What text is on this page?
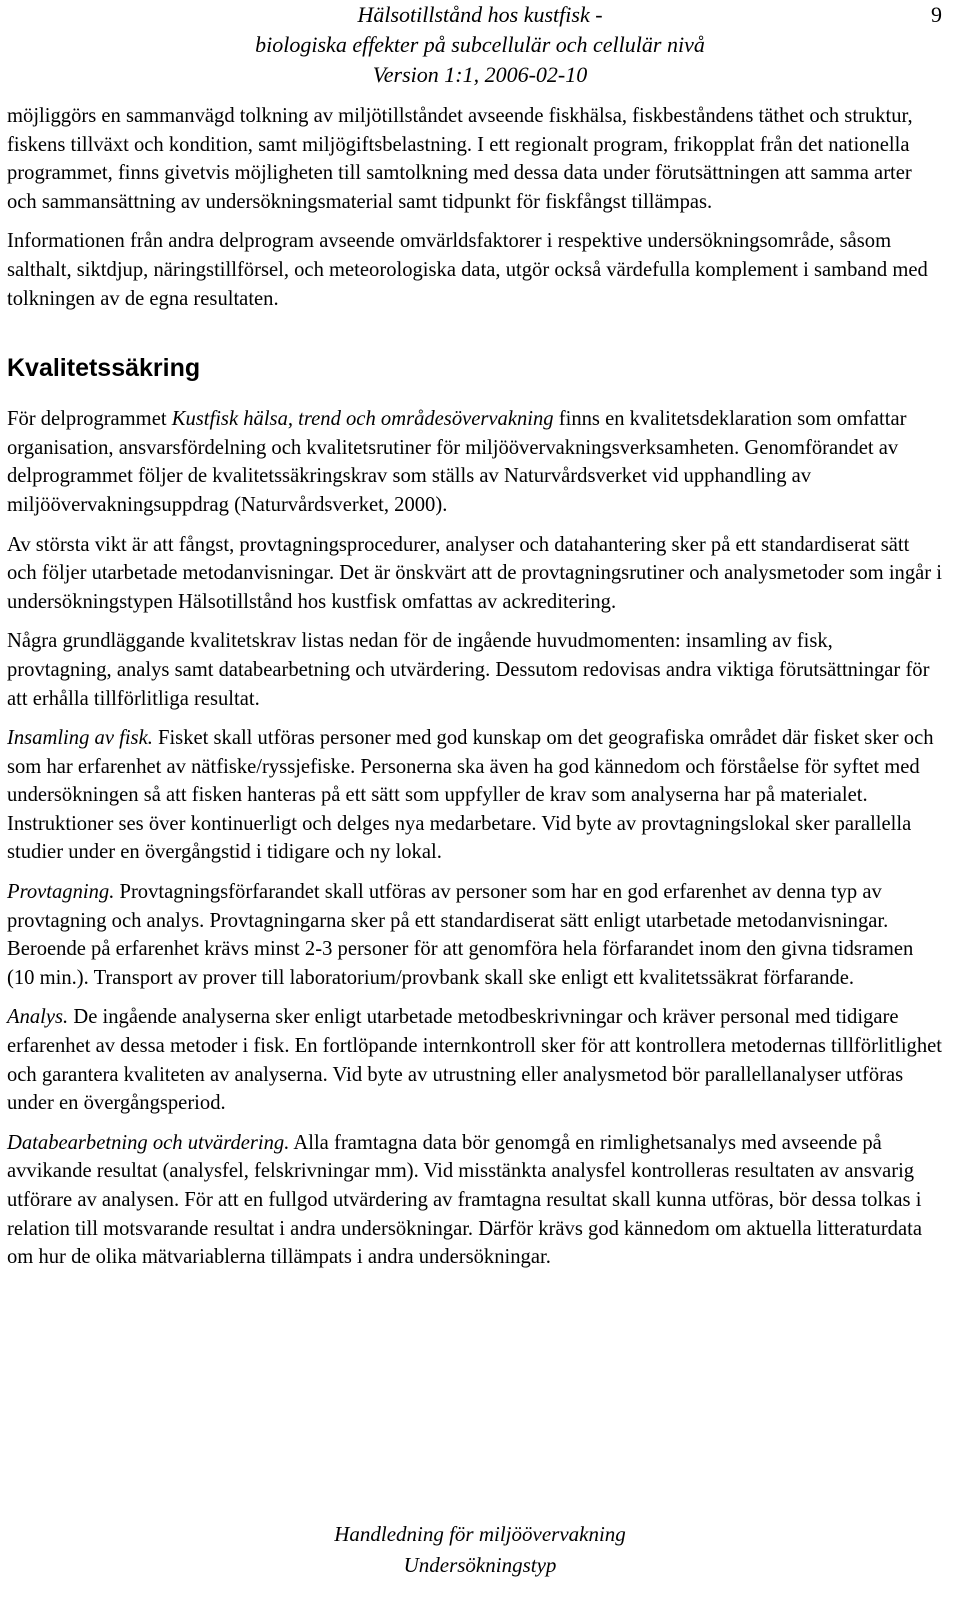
Hälsotillstånd hos kustfisk -
biologiska effekter på subcellulär och cellulär nivå
Version 1:1, 2006-02-10
9

möjliggörs en sammanvägd tolkning av miljötillståndet avseende fiskhälsa, fiskbeståndens täthet och struktur, fiskens tillväxt och kondition, samt miljögiftsbelastning. I ett regionalt program, frikopplat från det nationella programmet, finns givetvis möjligheten till samtolkning med dessa data under förutsättningen att samma arter och sammansättning av undersökningsmaterial samt tidpunkt för fiskfångst tillämpas.

Informationen från andra delprogram avseende omvärldsfaktorer i respektive undersökningsområde, såsom salthalt, siktdjup, näringstillförsel, och meteorologiska data, utgör också värdefulla komplement i samband med tolkningen av de egna resultaten.

Kvalitetssäkring

För delprogrammet Kustfisk hälsa, trend och områdesövervakning finns en kvalitetsdeklaration som omfattar organisation, ansvarsfördelning och kvalitetsrutiner för miljöövervakningsverksamheten. Genomförandet av delprogrammet följer de kvalitetssäkringskrav som ställs av Naturvårdsverket vid upphandling av miljöövervakningsuppdrag (Naturvårdsverket, 2000).

Av största vikt är att fångst, provtagningsprocedurer, analyser och datahantering sker på ett standardiserat sätt och följer utarbetade metodanvisningar. Det är önskvärt att de provtagningsrutiner och analysmetoder som ingår i undersökningstypen Hälsotillstånd hos kustfisk omfattas av ackreditering.

Några grundläggande kvalitetskrav listas nedan för de ingående huvudmomenten: insamling av fisk, provtagning, analys samt databearbetning och utvärdering. Dessutom redovisas andra viktiga förutsättningar för att erhålla tillförlitliga resultat.

Insamling av fisk. Fisket skall utföras personer med god kunskap om det geografiska området där fisket sker och som har erfarenhet av nätfiske/ryssjefiske. Personerna ska även ha god kännedom och förståelse för syftet med undersökningen så att fisken hanteras på ett sätt som uppfyller de krav som analyserna har på materialet. Instruktioner ses över kontinuerligt och delges nya medarbetare. Vid byte av provtagningslokal sker parallella studier under en övergångstid i tidigare och ny lokal.

Provtagning. Provtagningsförfarandet skall utföras av personer som har en god erfarenhet av denna typ av provtagning och analys. Provtagningarna sker på ett standardiserat sätt enligt utarbetade metodanvisningar. Beroende på erfarenhet krävs minst 2-3 personer för att genomföra hela förfarandet inom den givna tidsramen (10 min.). Transport av prover till laboratorium/provbank skall ske enligt ett kvalitetssäkrat förfarande.

Analys. De ingående analyserna sker enligt utarbetade metodbeskrivningar och kräver personal med tidigare erfarenhet av dessa metoder i fisk. En fortlöpande internkontroll sker för att kontrollera metodernas tillförlitlighet och garantera kvaliteten av analyserna. Vid byte av utrustning eller analysmetod bör parallellanalyser utföras under en övergångsperiod.

Databearbetning och utvärdering. Alla framtagna data bör genomgå en rimlighetsanalys med avseende på avvikande resultat (analysfel, felskrivningar mm). Vid misstänkta analysfel kontrolleras resultaten av ansvarig utförare av analysen. För att en fullgod utvärdering av framtagna resultat skall kunna utföras, bör dessa tolkas i relation till motsvarande resultat i andra undersökningar. Därför krävs god kännedom om aktuella litteraturdata om hur de olika mätvariablerna tillämpats i andra undersökningar.

Handledning för miljöövervakning
Undersökningstyp
